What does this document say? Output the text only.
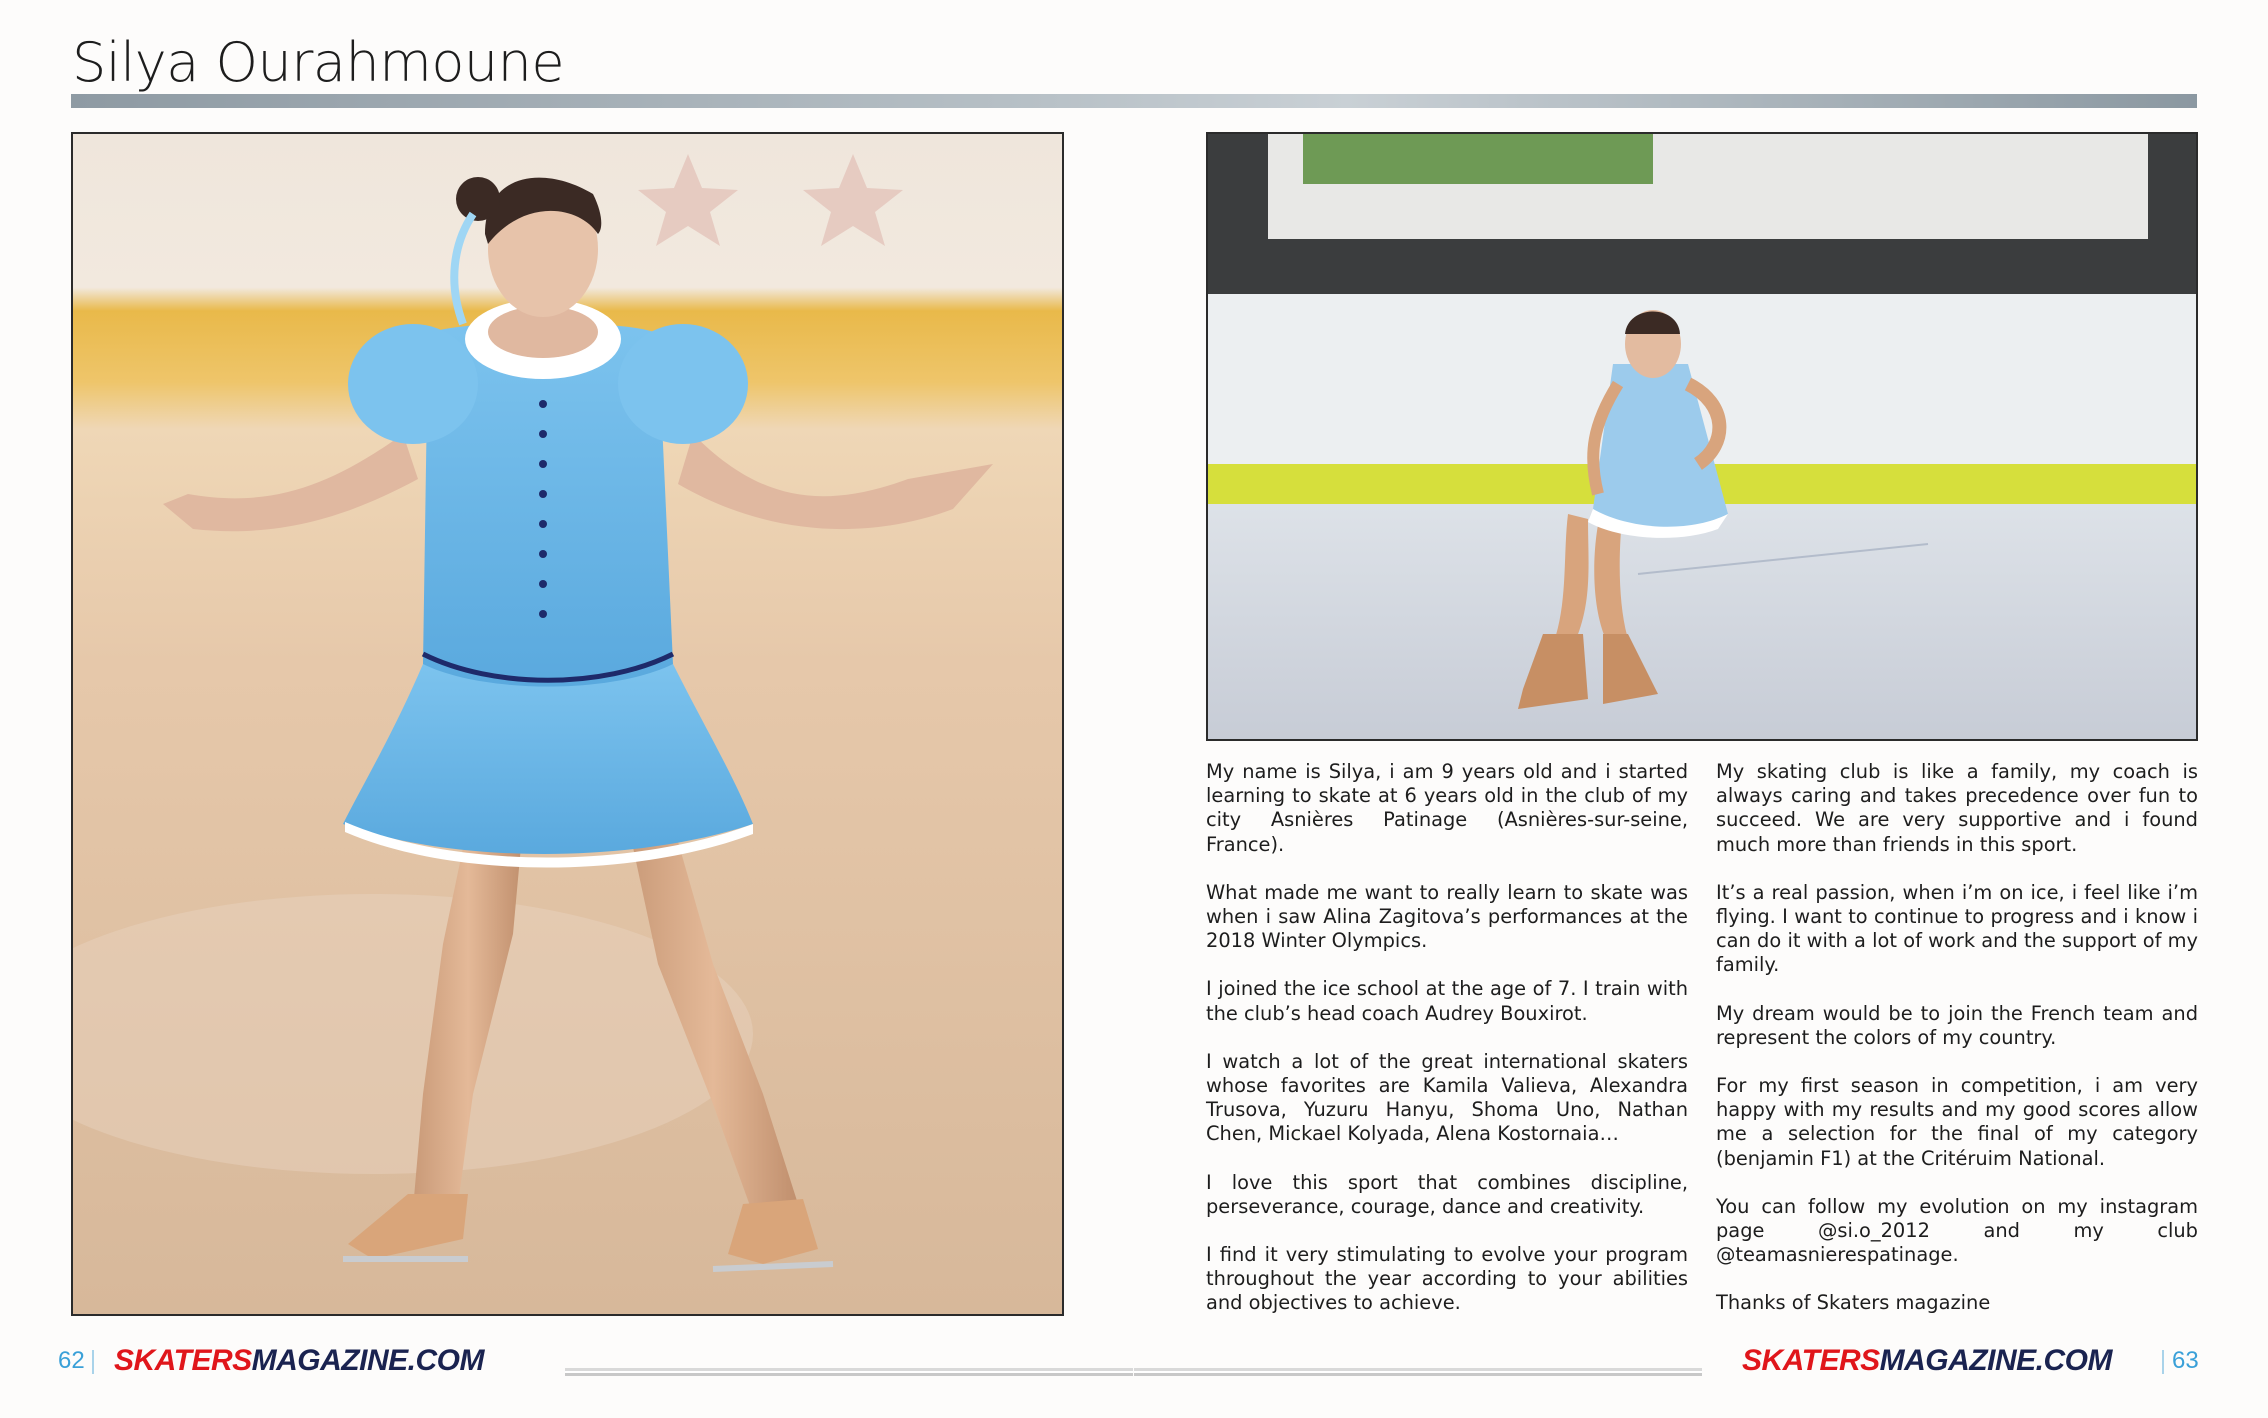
Silya Ourahmoune

My name is Silya, i am 9 years old and i started learning to skate at 6 years old in the club of my city Asnières Patinage (Asnières-sur-seine, France).

What made me want to really learn to skate was when i saw Alina Zagitova’s performances at the 2018 Winter Olympics.

I joined the ice school at the age of 7. I train with the club’s head coach Audrey Bouxirot.

I watch a lot of the great international skaters whose favorites are Kamila Valieva, Alexandra Trusova, Yuzuru Hanyu, Shoma Uno, Nathan Chen, Mickael Kolyada, Alena Kostornaia…

I love this sport that combines discipline, perseverance, courage, dance and creativity.

I find it very stimulating to evolve your program throughout the year according to your abilities and objectives to achieve.

My skating club is like a family, my coach is always caring and takes precedence over fun to succeed. We are very supportive and i found much more than friends in this sport.

It’s a real passion, when i’m on ice, i feel like i’m flying. I want to continue to progress and i know i can do it with a lot of work and the support of my family.

My dream would be to join the French team and represent the colors of my country.

For my first season in competition, i am very happy with my results and my good scores allow me a selection for the final of my category (benjamin F1) at the Critéruim National.

You can follow my evolution on my instagram page @si.o_2012 and my club @teamasnierespatinage.

Thanks of Skaters magazine

62 SKATERSMAGAZINE.COM	SKATERSMAGAZINE.COM	63
